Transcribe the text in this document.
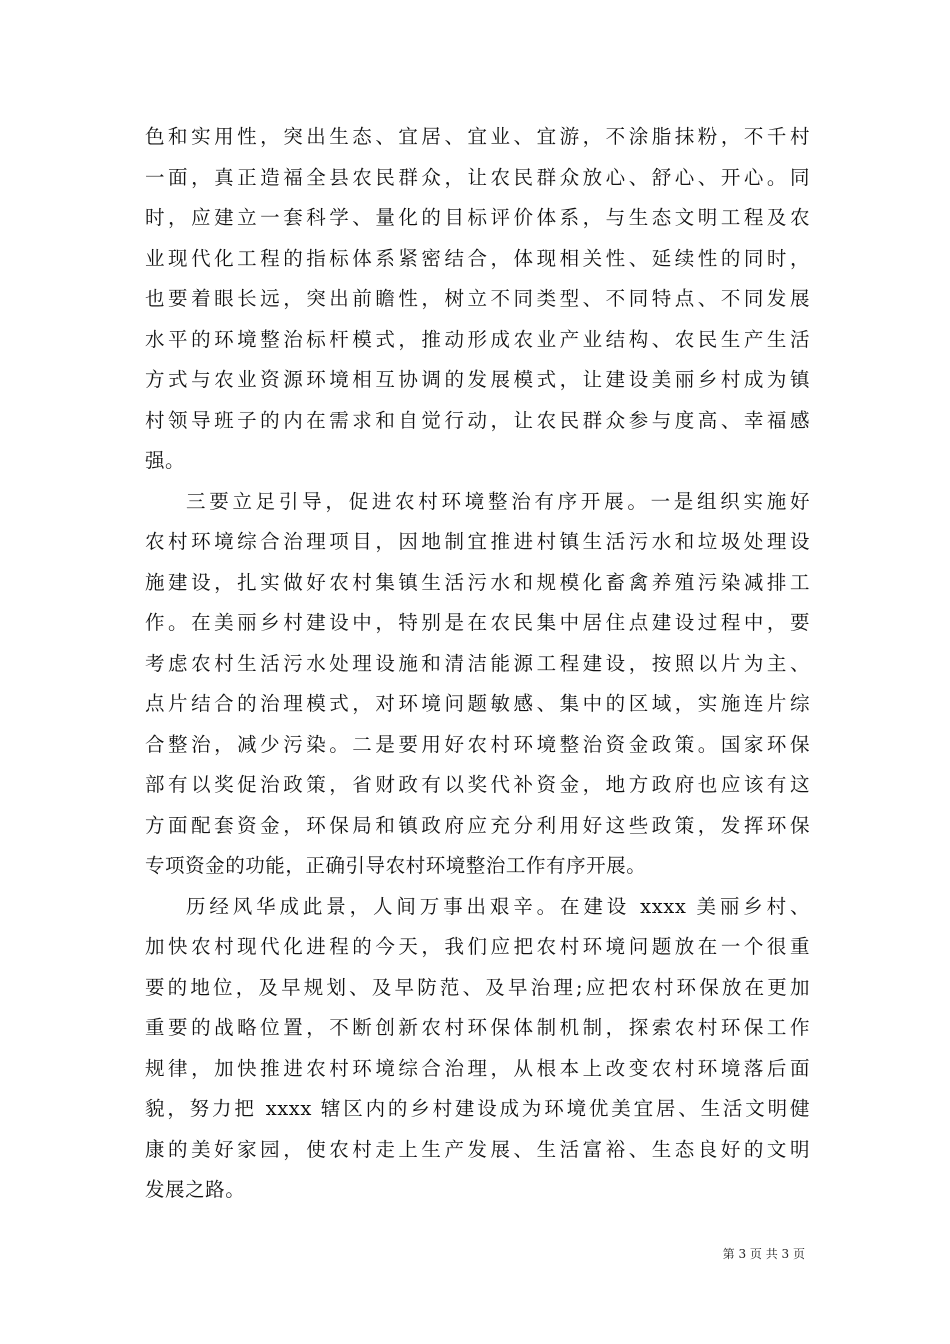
色和实用性，突出生态、宜居、宜业、宜游，不涂脂抹粉，不千村
一面，真正造福全县农民群众，让农民群众放心、舒心、开心。同
时，应建立一套科学、量化的目标评价体系，与生态文明工程及农
业现代化工程的指标体系紧密结合，体现相关性、延续性的同时，
也要着眼长远，突出前瞻性，树立不同类型、不同特点、不同发展
水平的环境整治标杆模式，推动形成农业产业结构、农民生产生活
方式与农业资源环境相互协调的发展模式，让建设美丽乡村成为镇
村领导班子的内在需求和自觉行动，让农民群众参与度高、幸福感
强。
三要立足引导，促进农村环境整治有序开展。一是组织实施好
农村环境综合治理项目，因地制宜推进村镇生活污水和垃圾处理设
施建设，扎实做好农村集镇生活污水和规模化畜禽养殖污染减排工
作。在美丽乡村建设中，特别是在农民集中居住点建设过程中，要
考虑农村生活污水处理设施和清洁能源工程建设，按照以片为主、
点片结合的治理模式，对环境问题敏感、集中的区域，实施连片综
合整治，减少污染。二是要用好农村环境整治资金政策。国家环保
部有以奖促治政策，省财政有以奖代补资金，地方政府也应该有这
方面配套资金，环保局和镇政府应充分利用好这些政策，发挥环保
专项资金的功能，正确引导农村环境整治工作有序开展。
历经风华成此景，人间万事出艰辛。在建设 xxxx 美丽乡村、
加快农村现代化进程的今天，我们应把农村环境问题放在一个很重
要的地位，及早规划、及早防范、及早治理;应把农村环保放在更加
重要的战略位置，不断创新农村环保体制机制，探索农村环保工作
规律，加快推进农村环境综合治理，从根本上改变农村环境落后面
貌，努力把 xxxx 辖区内的乡村建设成为环境优美宜居、生活文明健
康的美好家园，使农村走上生产发展、生活富裕、生态良好的文明
发展之路。
第 3 页 共 3 页
